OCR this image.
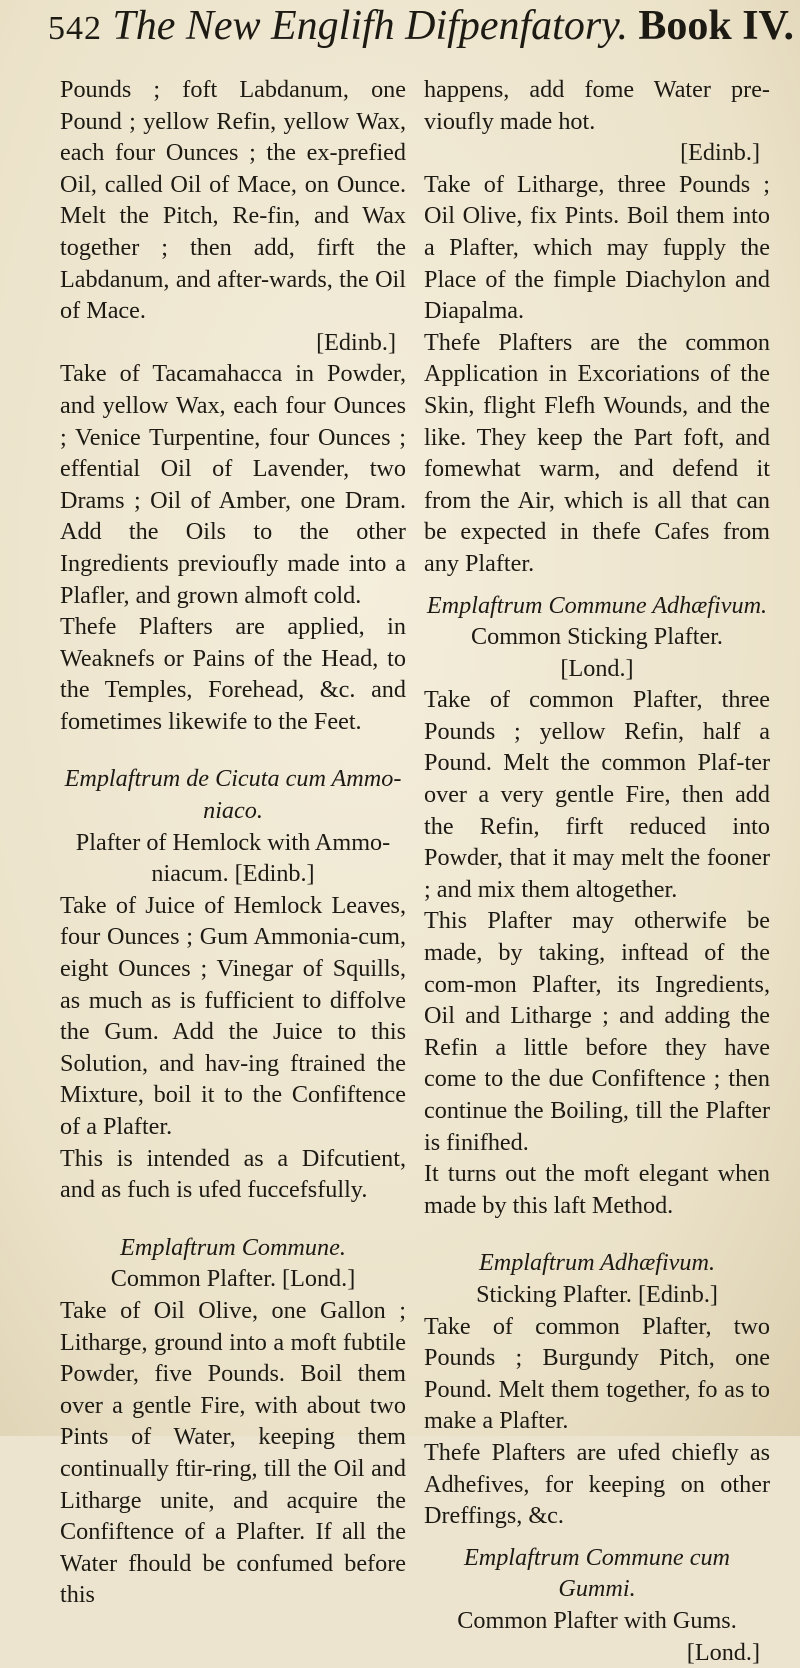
542 The New Englifh Difpenfatory. Book IV.

Pounds ; foft Labdanum, one Pound ; yellow Refin, yellow Wax, each four Ounces ; the ex-prefied Oil, called Oil of Mace, on Ounce. Melt the Pitch, Re-fin, and Wax together ; then add, firft the Labdanum, and after-wards, the Oil of Mace.

[Edinb.]

Take of Tacamahacca in Powder, and yellow Wax, each four Ounces ; Venice Turpentine, four Ounces ; effential Oil of Lavender, two Drams ; Oil of Amber, one Dram. Add the Oils to the other Ingredients previoufly made into a Plafler, and grown almoft cold.

Thefe Plafters are applied, in Weaknefs or Pains of the Head, to the Temples, Forehead, &c. and fometimes likewife to the Feet.

Emplaftrum de Cicuta cum Ammo-niaco.

Plafter of Hemlock with Ammo-niacum. [Edinb.]

Take of Juice of Hemlock Leaves, four Ounces ; Gum Ammonia-cum, eight Ounces ; Vinegar of Squills, as much as is fufficient to diffolve the Gum. Add the Juice to this Solution, and hav-ing ftrained the Mixture, boil it to the Confiftence of a Plafter.

This is intended as a Difcutient, and as fuch is ufed fuccefsfully.

Emplaftrum Commune.

Common Plafter. [Lond.]

Take of Oil Olive, one Gallon ; Litharge, ground into a moft fubtile Powder, five Pounds. Boil them over a gentle Fire, with about two Pints of Water, keeping them continually ftir-ring, till the Oil and Litharge unite, and acquire the Confiftence of a Plafter. If all the Water fhould be confumed before this

happens, add fome Water pre-vioufly made hot.

[Edinb.]

Take of Litharge, three Pounds ; Oil Olive, fix Pints. Boil them into a Plafter, which may fupply the Place of the fimple Diachylon and Diapalma.

Thefe Plafters are the common Application in Excoriations of the Skin, flight Flefh Wounds, and the like. They keep the Part foft, and fomewhat warm, and defend it from the Air, which is all that can be expected in thefe Cafes from any Plafter.

Emplaftrum Commune Adhæfivum.

Common Sticking Plafter.

[Lond.]

Take of common Plafter, three Pounds ; yellow Refin, half a Pound. Melt the common Plaf-ter over a very gentle Fire, then add the Refin, firft reduced into Powder, that it may melt the fooner ; and mix them altogether.

This Plafter may otherwife be made, by taking, inftead of the com-mon Plafter, its Ingredients, Oil and Litharge ; and adding the Refin a little before they have come to the due Confiftence ; then continue the Boiling, till the Plafter is finifhed.

It turns out the moft elegant when made by this laft Method.

Emplaftrum Adhæfivum.

Sticking Plafter. [Edinb.]

Take of common Plafter, two Pounds ; Burgundy Pitch, one Pound. Melt them together, fo as to make a Plafter.

Thefe Plafters are ufed chiefly as Adhefives, for keeping on other Dreffings, &c.

Emplaftrum Commune cum Gummi.

Common Plafter with Gums.

[Lond.]
